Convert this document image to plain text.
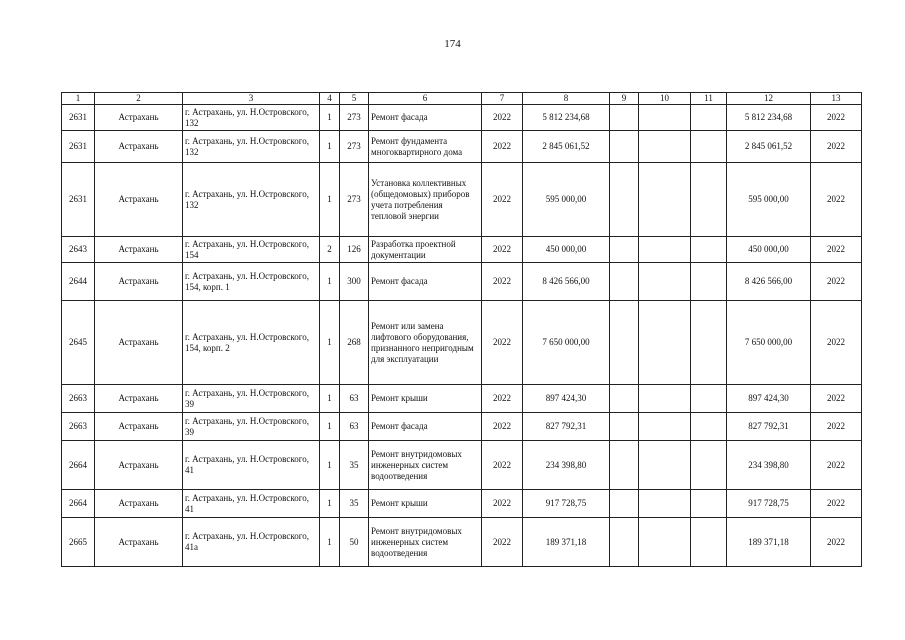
174
1	2	3	4	5	6	7	8	9	10	11	12	13
2631	Астрахань	г. Астрахань, ул. Н.Островского, 132	1	273	Ремонт фасада	2022	5 812 234,68				5 812 234,68	2022
2631	Астрахань	г. Астрахань, ул. Н.Островского, 132	1	273	Ремонт фундамента многоквартирного дома	2022	2 845 061,52				2 845 061,52	2022
2631	Астрахань	г. Астрахань, ул. Н.Островского, 132	1	273	Установка коллективных (общедомовых) приборов учета потребления тепловой энергии	2022	595 000,00				595 000,00	2022
2643	Астрахань	г. Астрахань, ул. Н.Островского, 154	2	126	Разработка проектной документации	2022	450 000,00				450 000,00	2022
2644	Астрахань	г. Астрахань, ул. Н.Островского, 154, корп. 1	1	300	Ремонт фасада	2022	8 426 566,00				8 426 566,00	2022
2645	Астрахань	г. Астрахань, ул. Н.Островского, 154, корп. 2	1	268	Ремонт или замена лифтового оборудования, признанного непригодным для эксплуатации	2022	7 650 000,00				7 650 000,00	2022
2663	Астрахань	г. Астрахань, ул. Н.Островского, 39	1	63	Ремонт крыши	2022	897 424,30				897 424,30	2022
2663	Астрахань	г. Астрахань, ул. Н.Островского, 39	1	63	Ремонт фасада	2022	827 792,31				827 792,31	2022
2664	Астрахань	г. Астрахань, ул. Н.Островского, 41	1	35	Ремонт внутридомовых инженерных систем водоотведения	2022	234 398,80				234 398,80	2022
2664	Астрахань	г. Астрахань, ул. Н.Островского, 41	1	35	Ремонт крыши	2022	917 728,75				917 728,75	2022
2665	Астрахань	г. Астрахань, ул. Н.Островского, 41а	1	50	Ремонт внутридомовых инженерных систем водоотведения	2022	189 371,18				189 371,18	2022
